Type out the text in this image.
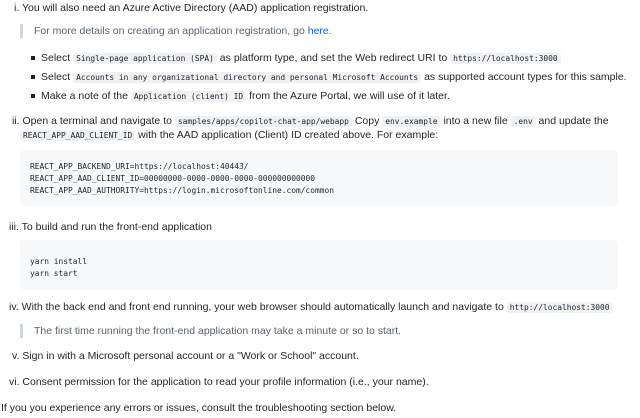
i. You will also need an Azure Active Directory (AAD) application registration.
For more details on creating an application registration, go here.
Select Single-page application (SPA) as platform type, and set the Web redirect URI to https://localhost:3000
Select Accounts in any organizational directory and personal Microsoft Accounts as supported account types for this sample.
Make a note of the Application (client) ID from the Azure Portal, we will use of it later.
ii. Open a terminal and navigate to samples/apps/copilot-chat-app/webapp Copy env.example into a new file .env and update the
REACT_APP_AAD_CLIENT_ID with the AAD application (Client) ID created above. For example:
REACT_APP_BACKEND_URI=https://localhost:40443/
REACT_APP_AAD_CLIENT_ID=00000000-0000-0000-0000-000000000000
REACT_APP_AAD_AUTHORITY=https://login.microsoftonline.com/common
iii. To build and run the front-end application
yarn install
yarn start
iv. With the back end and front end running, your web browser should automatically launch and navigate to http://localhost:3000
The first time running the front-end application may take a minute or so to start.
v. Sign in with a Microsoft personal account or a "Work or School" account.
vi. Consent permission for the application to read your profile information (i.e., your name).
If you you experience any errors or issues, consult the troubleshooting section below.
